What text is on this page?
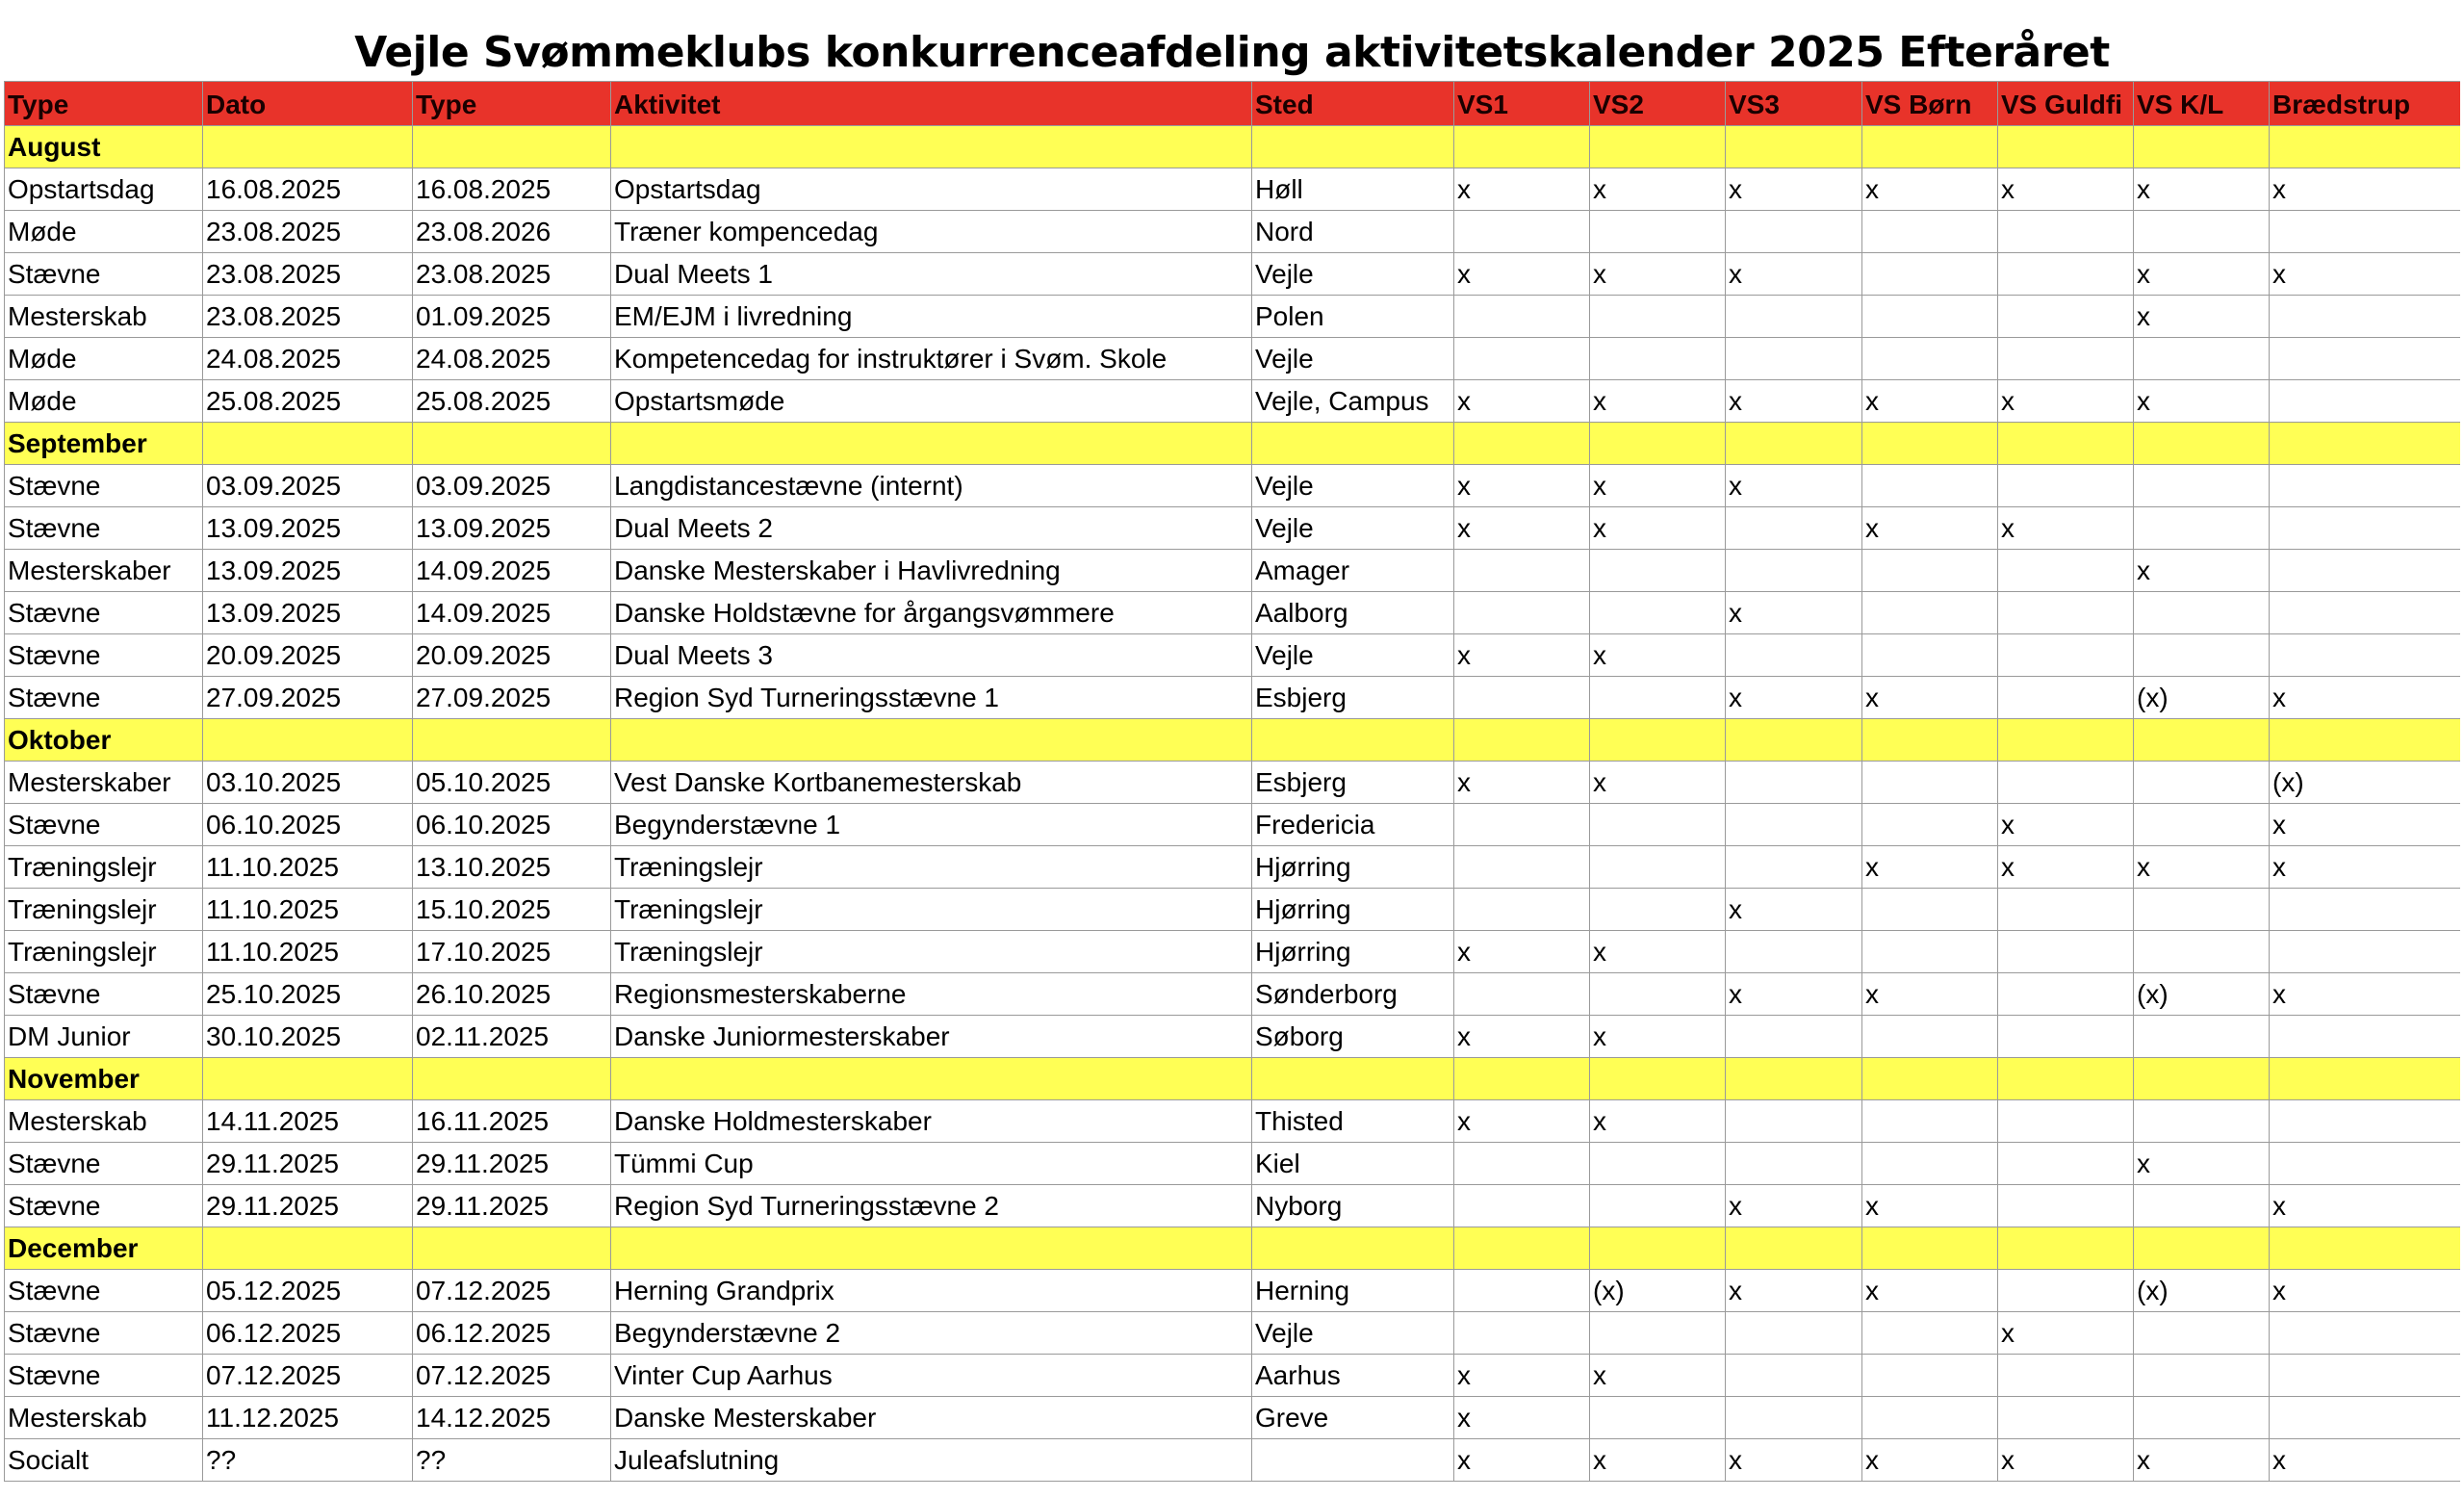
Vejle Svømmeklubs konkurrenceafdeling aktivitetskalender 2025 Efteråret
Type	Dato	Type	Aktivitet	Sted	VS1	VS2	VS3	VS Børn	VS Guldfi	VS K/L	Brædstrup
August											
Opstartsdag	16.08.2025	16.08.2025	Opstartsdag	Høll	x	x	x	x	x	x	x
Møde	23.08.2025	23.08.2026	Træner kompencedag	Nord							
Stævne	23.08.2025	23.08.2025	Dual Meets 1	Vejle	x	x	x			x	x
Mesterskab	23.08.2025	01.09.2025	EM/EJM i livredning	Polen						x	
Møde	24.08.2025	24.08.2025	Kompetencedag for instruktører i Svøm. Skole	Vejle							
Møde	25.08.2025	25.08.2025	Opstartsmøde	Vejle, Campus	x	x	x	x	x	x	
September											
Stævne	03.09.2025	03.09.2025	Langdistancestævne (internt)	Vejle	x	x	x				
Stævne	13.09.2025	13.09.2025	Dual Meets 2	Vejle	x	x		x	x		
Mesterskaber	13.09.2025	14.09.2025	Danske Mesterskaber i Havlivredning	Amager						x	
Stævne	13.09.2025	14.09.2025	Danske Holdstævne for årgangsvømmere	Aalborg			x				
Stævne	20.09.2025	20.09.2025	Dual Meets 3	Vejle	x	x					
Stævne	27.09.2025	27.09.2025	Region Syd Turneringsstævne 1	Esbjerg			x	x		(x)	x
Oktober											
Mesterskaber	03.10.2025	05.10.2025	Vest Danske Kortbanemesterskab	Esbjerg	x	x					(x)
Stævne	06.10.2025	06.10.2025	Begynderstævne 1	Fredericia					x		x
Træningslejr	11.10.2025	13.10.2025	Træningslejr	Hjørring				x	x	x	x
Træningslejr	11.10.2025	15.10.2025	Træningslejr	Hjørring			x				
Træningslejr	11.10.2025	17.10.2025	Træningslejr	Hjørring	x	x					
Stævne	25.10.2025	26.10.2025	Regionsmesterskaberne	Sønderborg			x	x		(x)	x
DM Junior	30.10.2025	02.11.2025	Danske Juniormesterskaber	Søborg	x	x					
November											
Mesterskab	14.11.2025	16.11.2025	Danske Holdmesterskaber	Thisted	x	x					
Stævne	29.11.2025	29.11.2025	Tümmi Cup	Kiel						x	
Stævne	29.11.2025	29.11.2025	Region Syd Turneringsstævne 2	Nyborg			x	x			x
December											
Stævne	05.12.2025	07.12.2025	Herning Grandprix	Herning		(x)	x	x		(x)	x
Stævne	06.12.2025	06.12.2025	Begynderstævne 2	Vejle					x		
Stævne	07.12.2025	07.12.2025	Vinter Cup Aarhus	Aarhus	x	x					
Mesterskab	11.12.2025	14.12.2025	Danske Mesterskaber	Greve	x						
Socialt	??	??	Juleafslutning		x	x	x	x	x	x	x
